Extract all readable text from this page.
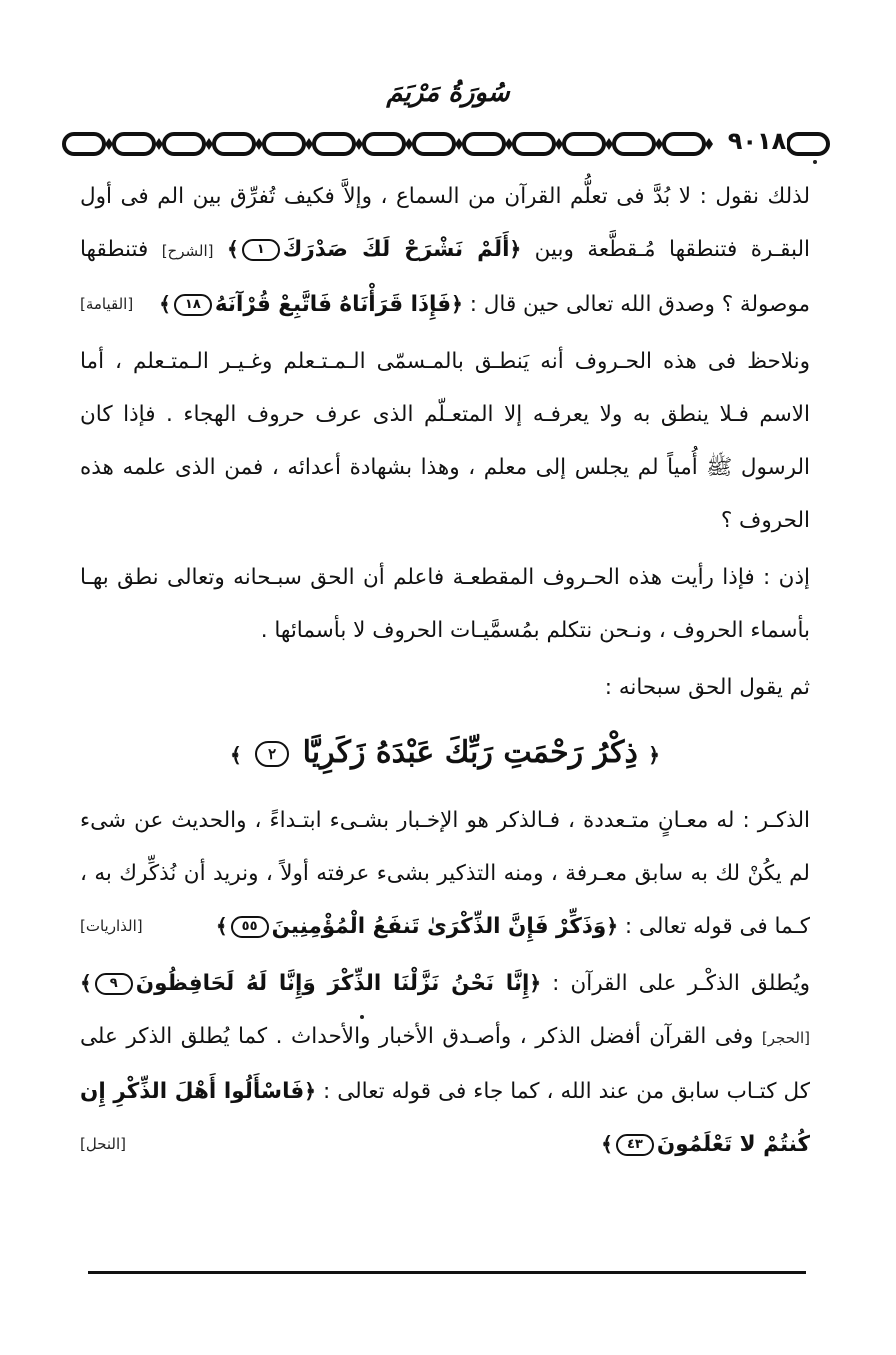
سُورَةُ مَرْيَمَ
٩٠١٨

لذلك نقول : لا بُدَّ فى تعلُّم القرآن من السماع ، وإلاَّ فكيف تُفرِّق بين الم فى أول البقـرة فتنطقها مُـقطَّعة وبين ﴿أَلَمْ نَشْرَحْ لَكَ صَدْرَكَ١﴾ [الشرح] فتنطقها موصولة ؟ وصدق الله تعالى حين قال : ﴿فَإِذَا قَرَأْنَاهُ فَاتَّبِعْ قُرْآنَهُ١٨﴾
[القيامة]

ونلاحظ فى هذه الحـروف أنه يَنطـق بالمـسمّى الـمـتـعلم وغـيـر الـمتـعلم ، أما الاسم فـلا ينطق به ولا يعرفـه إلا المتعـلّم الذى عرف حروف الهجاء . فإذا كان الرسول ﷺ أُمياً لم يجلس إلى معلم ، وهذا بشهادة أعدائه ، فمن الذى علمه هذه الحروف ؟

إذن : فإذا رأيت هذه الحـروف المقطعـة فاعلم أن الحق سبـحانه وتعالى نطق بهـا بأسماء الحروف ، ونـحن نتكلم بمُسمَّيـات الحروف لا بأسمائها .

ثم يقول الحق سبحانه :

﴿ ذِكْرُ رَحْمَتِ رَبِّكَ عَبْدَهُ زَكَرِيَّا ٢ ﴾

الذكـر : له معـانٍ متـعددة ، فـالذكر هو الإخـبار بشـىء ابتـداءً ، والحديث عن شىء لم يكُنْ لك به سابق معـرفة ، ومنه التذكير بشىء عرفته أولاً ، ونريد أن نُذكِّرك به ، كـما فى قوله تعالى : ﴿وَذَكِّرْ فَإِنَّ الذِّكْرَىٰ تَنفَعُ الْمُؤْمِنِينَ٥٥﴾
[الذاريات]

ويُطلق الذكْـر على القرآن : ﴿إِنَّا نَحْنُ نَزَّلْنَا الذِّكْرَ وَإِنَّا لَهُ لَحَافِظُونَ٩﴾ [الحجر] وفى القرآن أفضل الذكر ، وأصـدق الأخبار والأحداث . كما يُطلق الذكر على كل كتـاب سابق من عند الله ، كما جاء فى قوله تعالى : ﴿فَاسْأَلُوا أَهْلَ الذِّكْرِ إِن كُنتُمْ لا تَعْلَمُونَ٤٣﴾
[النحل]
